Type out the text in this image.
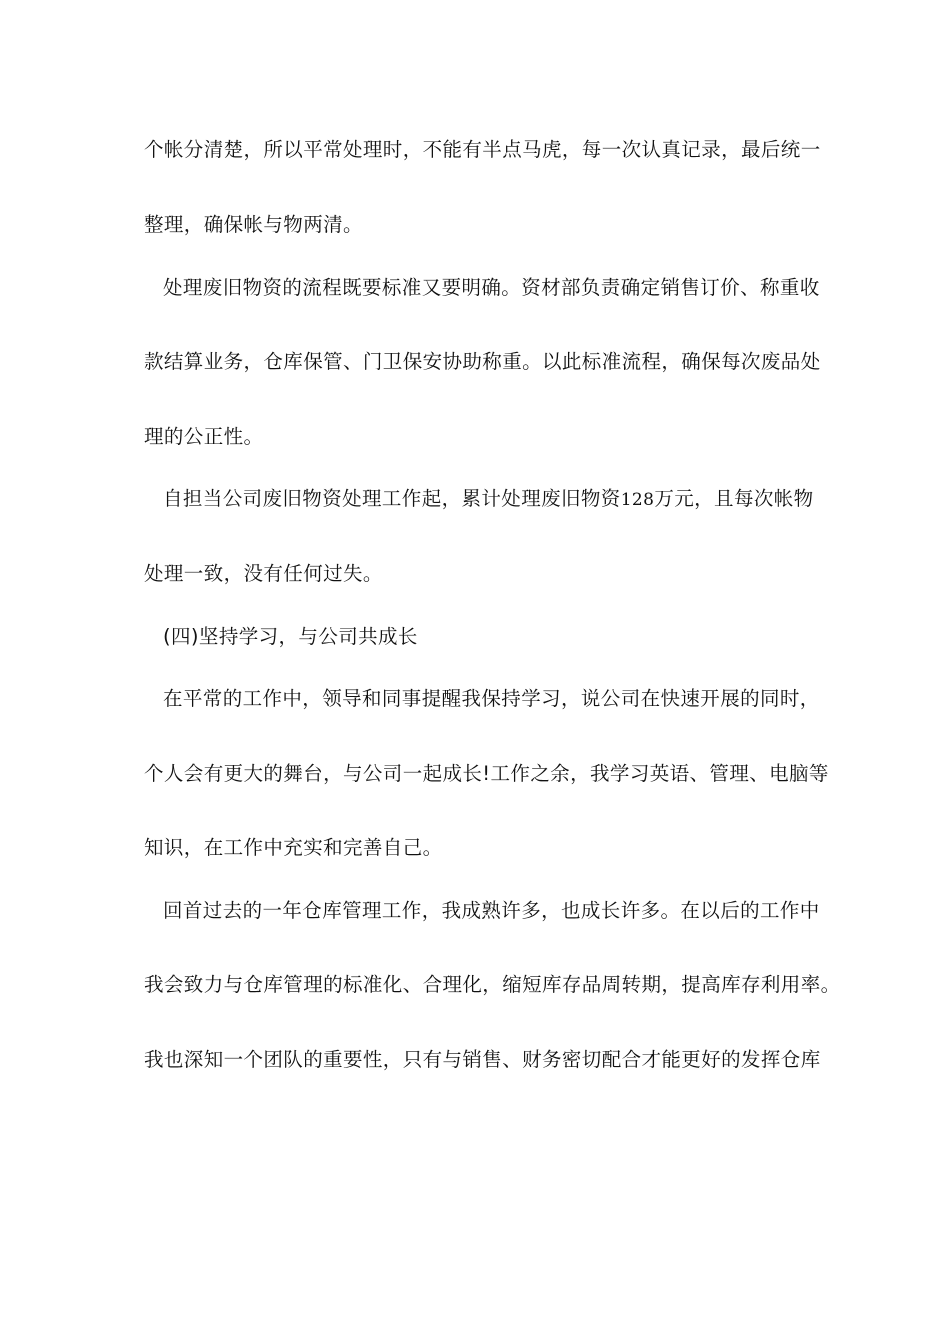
个帐分清楚，所以平常处理时，不能有半点马虎，每一次认真记录，最后统一

整理，确保帐与物两清。

处理废旧物资的流程既要标准又要明确。资材部负责确定销售订价、称重收

款结算业务，仓库保管、门卫保安协助称重。以此标准流程，确保每次废品处

理的公正性。

自担当公司废旧物资处理工作起，累计处理废旧物资128万元，且每次帐物

处理一致，没有任何过失。

(四)坚持学习，与公司共成长

在平常的工作中，领导和同事提醒我保持学习，说公司在快速开展的同时，

个人会有更大的舞台，与公司一起成长!工作之余，我学习英语、管理、电脑等

知识，在工作中充实和完善自己。

回首过去的一年仓库管理工作，我成熟许多，也成长许多。在以后的工作中

我会致力与仓库管理的标准化、合理化，缩短库存品周转期，提高库存利用率。

我也深知一个团队的重要性，只有与销售、财务密切配合才能更好的发挥仓库
